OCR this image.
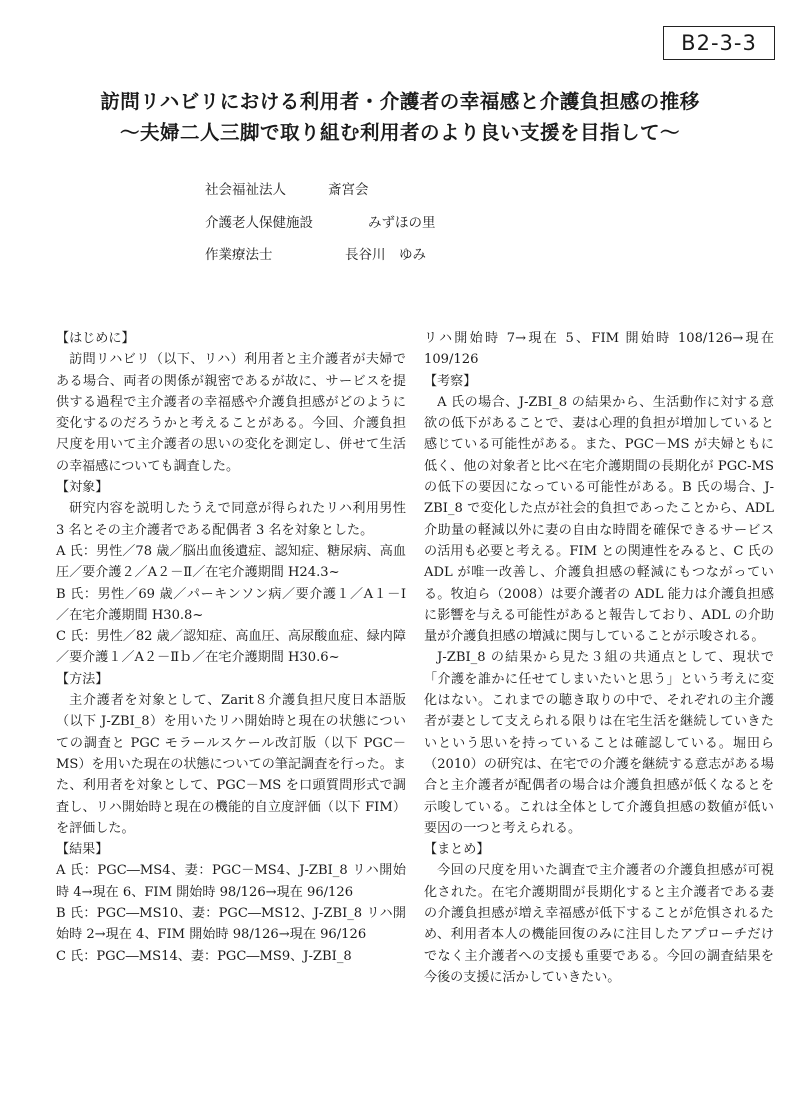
B2-3-3
訪問リハビリにおける利用者・介護者の幸福感と介護負担感の推移
〜夫婦二人三脚で取り組む利用者のより良い支援を目指して〜
社会福祉法人	斎宮会
介護老人保健施設	みずほの里
作業療法士	長谷川　ゆみ

【はじめに】

訪問リハビリ（以下、リハ）利用者と主介護者が夫婦である場合、両者の関係が親密であるが故に、サービスを提供する過程で主介護者の幸福感や介護負担感がどのように変化するのだろうかと考えることがある。今回、介護負担尺度を用いて主介護者の思いの変化を測定し、併せて生活の幸福感についても調査した。

【対象】

研究内容を説明したうえで同意が得られたリハ利用男性 3 名とその主介護者である配偶者 3 名を対象とした。

A 氏：男性／78 歳／脳出血後遺症、認知症、糖尿病、高血圧／要介護２／A２－Ⅱ／在宅介護期間 H24.3~

B 氏：男性／69 歳／パーキンソン病／要介護１／A１－Ⅰ／在宅介護期間 H30.8~

C 氏：男性／82 歳／認知症、高血圧、高尿酸血症、緑内障／要介護１／A２－Ⅱｂ／在宅介護期間 H30.6~

【方法】

主介護者を対象として、Zarit８介護負担尺度日本語版（以下 J-ZBI_8）を用いたリハ開始時と現在の状態についての調査と PGC モラールスケール改訂版（以下 PGC－MS）を用いた現在の状態についての筆記調査を行った。また、利用者を対象として、PGC－MS を口頭質問形式で調査し、リハ開始時と現在の機能的自立度評価（以下 FIM）を評価した。

【結果】

A 氏：PGC―MS4、妻：PGC－MS4、J-ZBI_8 リハ開始時 4→現在 6、FIM 開始時 98/126→現在 96/126

B 氏：PGC―MS10、妻：PGC―MS12、J-ZBI_8 リハ開始時 2→現在 4、FIM 開始時 98/126→現在 96/126

C 氏：PGC―MS14、妻：PGC―MS9、J-ZBI_8

リハ開始時 7→現在 5、FIM 開始時 108/126→現在 109/126

【考察】

A 氏の場合、J-ZBI_8 の結果から、生活動作に対する意欲の低下があることで、妻は心理的負担が増加していると感じている可能性がある。また、PGC－MS が夫婦ともに低く、他の対象者と比べ在宅介護期間の長期化が PGC-MS の低下の要因になっている可能性がある。B 氏の場合、J-ZBI_8 で変化した点が社会的負担であったことから、ADL 介助量の軽減以外に妻の自由な時間を確保できるサービスの活用も必要と考える。FIM との関連性をみると、C 氏の ADL が唯一改善し、介護負担感の軽減にもつながっている。牧迫ら（2008）は要介護者の ADL 能力は介護負担感に影響を与える可能性があると報告しており、ADL の介助量が介護負担感の増減に関与していることが示唆される。

J-ZBI_8 の結果から見た３組の共通点として、現状で「介護を誰かに任せてしまいたいと思う」という考えに変化はない。これまでの聴き取りの中で、それぞれの主介護者が妻として支えられる限りは在宅生活を継続していきたいという思いを持っていることは確認している。堀田ら（2010）の研究は、在宅での介護を継続する意志がある場合と主介護者が配偶者の場合は介護負担感が低くなるとを示唆している。これは全体として介護負担感の数値が低い要因の一つと考えられる。

【まとめ】

今回の尺度を用いた調査で主介護者の介護負担感が可視化された。在宅介護期間が長期化すると主介護者である妻の介護負担感が増え幸福感が低下することが危惧されるため、利用者本人の機能回復のみに注目したアプローチだけでなく主介護者への支援も重要である。今回の調査結果を今後の支援に活かしていきたい。
